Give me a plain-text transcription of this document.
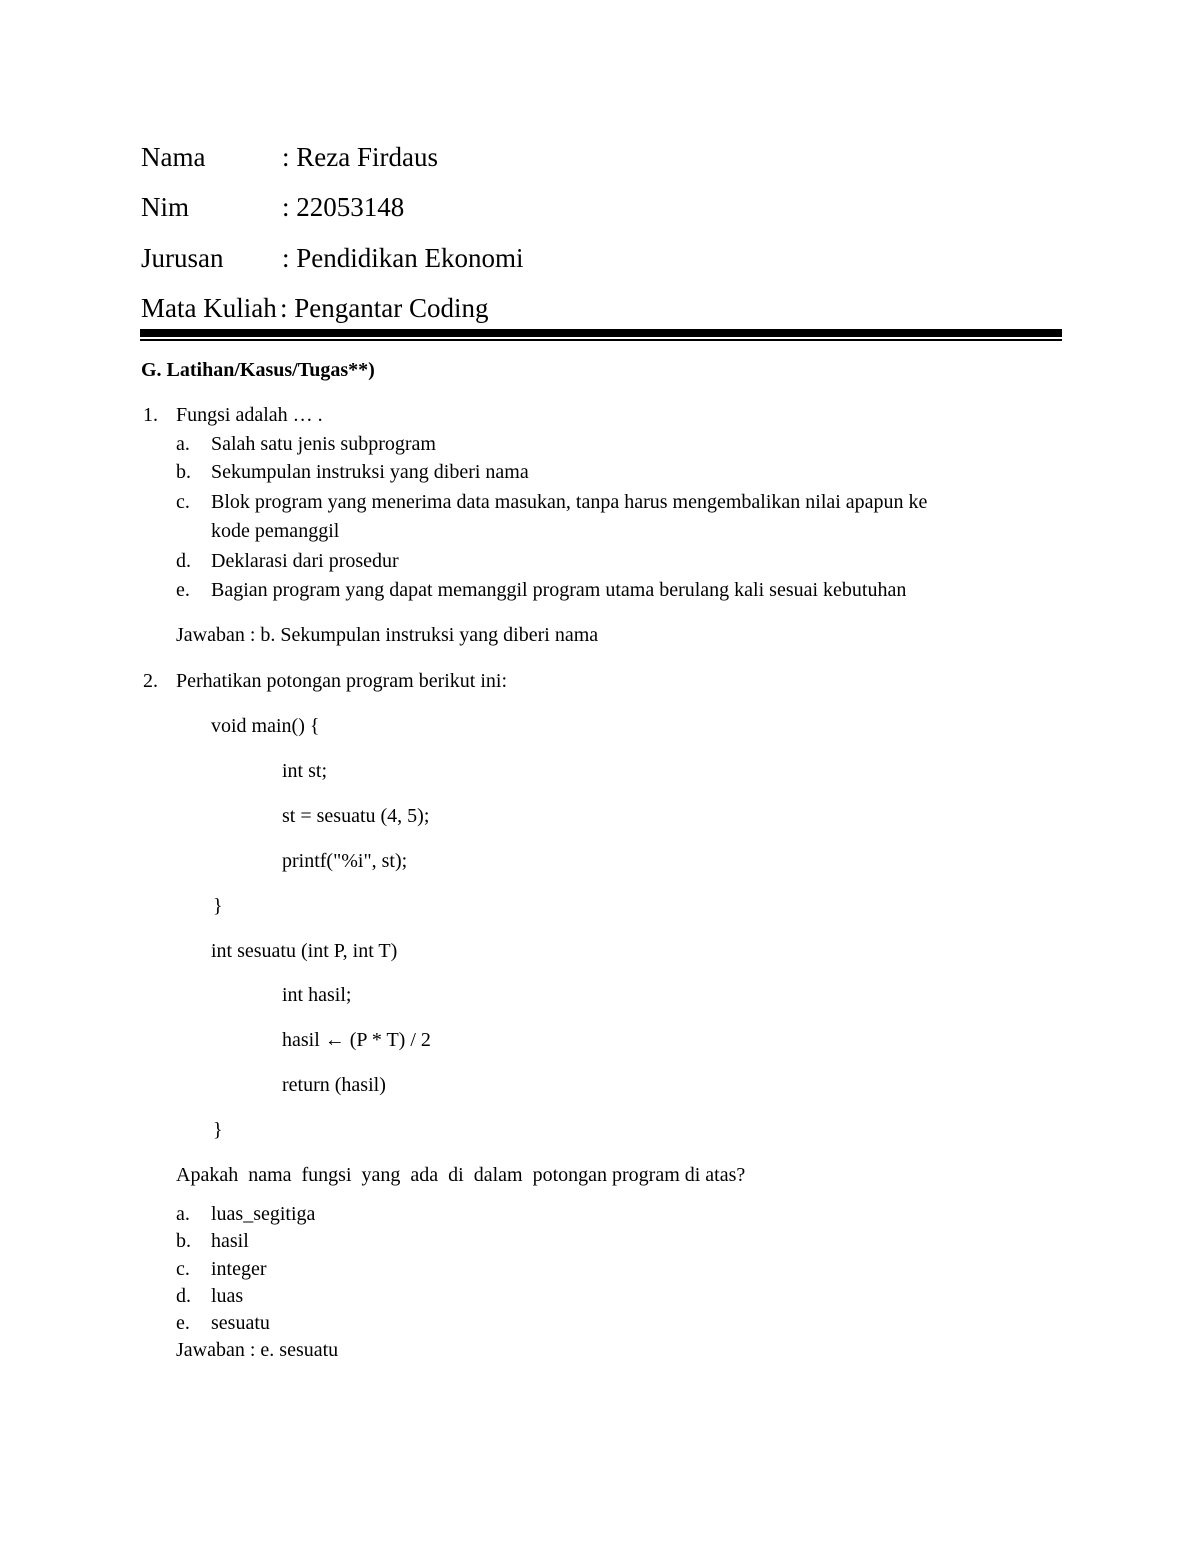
Nama	: Reza Firdaus
Nim	: 22053148
Jurusan : Pendidikan Ekonomi
Mata Kuliah : Pengantar Coding
G. Latihan/Kasus/Tugas**)
1. Fungsi adalah … .
a. Salah satu jenis subprogram
b. Sekumpulan instruksi yang diberi nama
c. Blok program yang menerima data masukan, tanpa harus mengembalikan nilai apapun ke
kode pemanggil
d. Deklarasi dari prosedur
e. Bagian program yang dapat memanggil program utama berulang kali sesuai kebutuhan
Jawaban : b. Sekumpulan instruksi yang diberi nama
2. Perhatikan potongan program berikut ini:
void main() {
int st;
st = sesuatu (4, 5);
printf("%i", st);
}
int sesuatu (int P, int T)
int hasil;
hasil ← (P * T) / 2
return (hasil)
}
Apakah  nama  fungsi  yang  ada  di  dalam  potongan program di atas?
a. luas_segitiga
b. hasil
c. integer
d. luas
e. sesuatu
Jawaban : e. sesuatu
